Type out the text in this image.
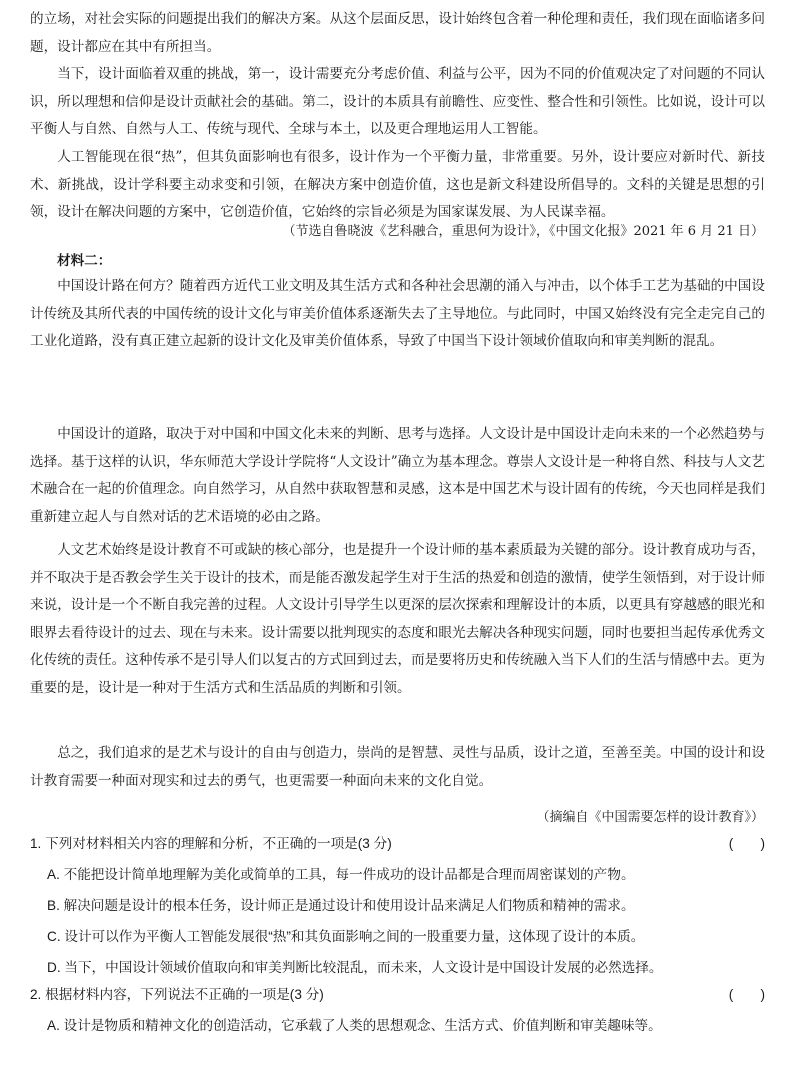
的立场，对社会实际的问题提出我们的解决方案。从这个层面反思，设计始终包含着一种伦理和责任，我们现在面临诸多问题，设计都应在其中有所担当。

当下，设计面临着双重的挑战，第一，设计需要充分考虑价值、利益与公平，因为不同的价值观决定了对问题的不同认识，所以理想和信仰是设计贡献社会的基础。第二，设计的本质具有前瞻性、应变性、整合性和引领性。比如说，设计可以平衡人与自然、自然与人工、传统与现代、全球与本土，以及更合理地运用人工智能。

人工智能现在很“热”，但其负面影响也有很多，设计作为一个平衡力量，非常重要。另外，设计要应对新时代、新技术、新挑战，设计学科要主动求变和引领，在解决方案中创造价值，这也是新文科建设所倡导的。文科的关键是思想的引领，设计在解决问题的方案中，它创造价值，它始终的宗旨必须是为国家谋发展、为人民谋幸福。

（节选自鲁晓波《艺科融合，重思何为设计》，《中国文化报》2021 年 6 月 21 日）

材料二：

中国设计路在何方？随着西方近代工业文明及其生活方式和各种社会思潮的涌入与冲击，以个体手工艺为基础的中国设计传统及其所代表的中国传统的设计文化与审美价值体系逐渐失去了主导地位。与此同时，中国又始终没有完全走完自己的工业化道路，没有真正建立起新的设计文化及审美价值体系，导致了中国当下设计领域价值取向和审美判断的混乱。

中国设计的道路，取决于对中国和中国文化未来的判断、思考与选择。人文设计是中国设计走向未来的一个必然趋势与选择。基于这样的认识，华东师范大学设计学院将“人文设计”确立为基本理念。尊崇人文设计是一种将自然、科技与人文艺术融合在一起的价值理念。向自然学习，从自然中获取智慧和灵感，这本是中国艺术与设计固有的传统，今天也同样是我们重新建立起人与自然对话的艺术语境的必由之路。

人文艺术始终是设计教育不可或缺的核心部分，也是提升一个设计师的基本素质最为关键的部分。设计教育成功与否，并不取决于是否教会学生关于设计的技术，而是能否激发起学生对于生活的热爱和创造的激情，使学生领悟到，对于设计师来说，设计是一个不断自我完善的过程。人文设计引导学生以更深的层次探索和理解设计的本质，以更具有穿越感的眼光和眼界去看待设计的过去、现在与未来。设计需要以批判现实的态度和眼光去解决各种现实问题，同时也要担当起传承优秀文化传统的责任。这种传承不是引导人们以复古的方式回到过去，而是要将历史和传统融入当下人们的生活与情感中去。更为重要的是，设计是一种对于生活方式和生活品质的判断和引领。

总之，我们追求的是艺术与设计的自由与创造力，崇尚的是智慧、灵性与品质，设计之道，至善至美。中国的设计和设计教育需要一种面对现实和过去的勇气，也更需要一种面向未来的文化自觉。

（摘编自《中国需要怎样的设计教育》）

1. 下列对材料相关内容的理解和分析，不正确的一项是(3 分)	(　　)

A. 不能把设计简单地理解为美化或简单的工具，每一件成功的设计品都是合理而周密谋划的产物。

B. 解决问题是设计的根本任务，设计师正是通过设计和使用设计品来满足人们物质和精神的需求。

C. 设计可以作为平衡人工智能发展很“热”和其负面影响之间的一股重要力量，这体现了设计的本质。

D. 当下，中国设计领域价值取向和审美判断比较混乱，而未来，人文设计是中国设计发展的必然选择。

2. 根据材料内容，下列说法不正确的一项是(3 分)	(　　)

A. 设计是物质和精神文化的创造活动，它承载了人类的思想观念、生活方式、价值判断和审美趣味等。
